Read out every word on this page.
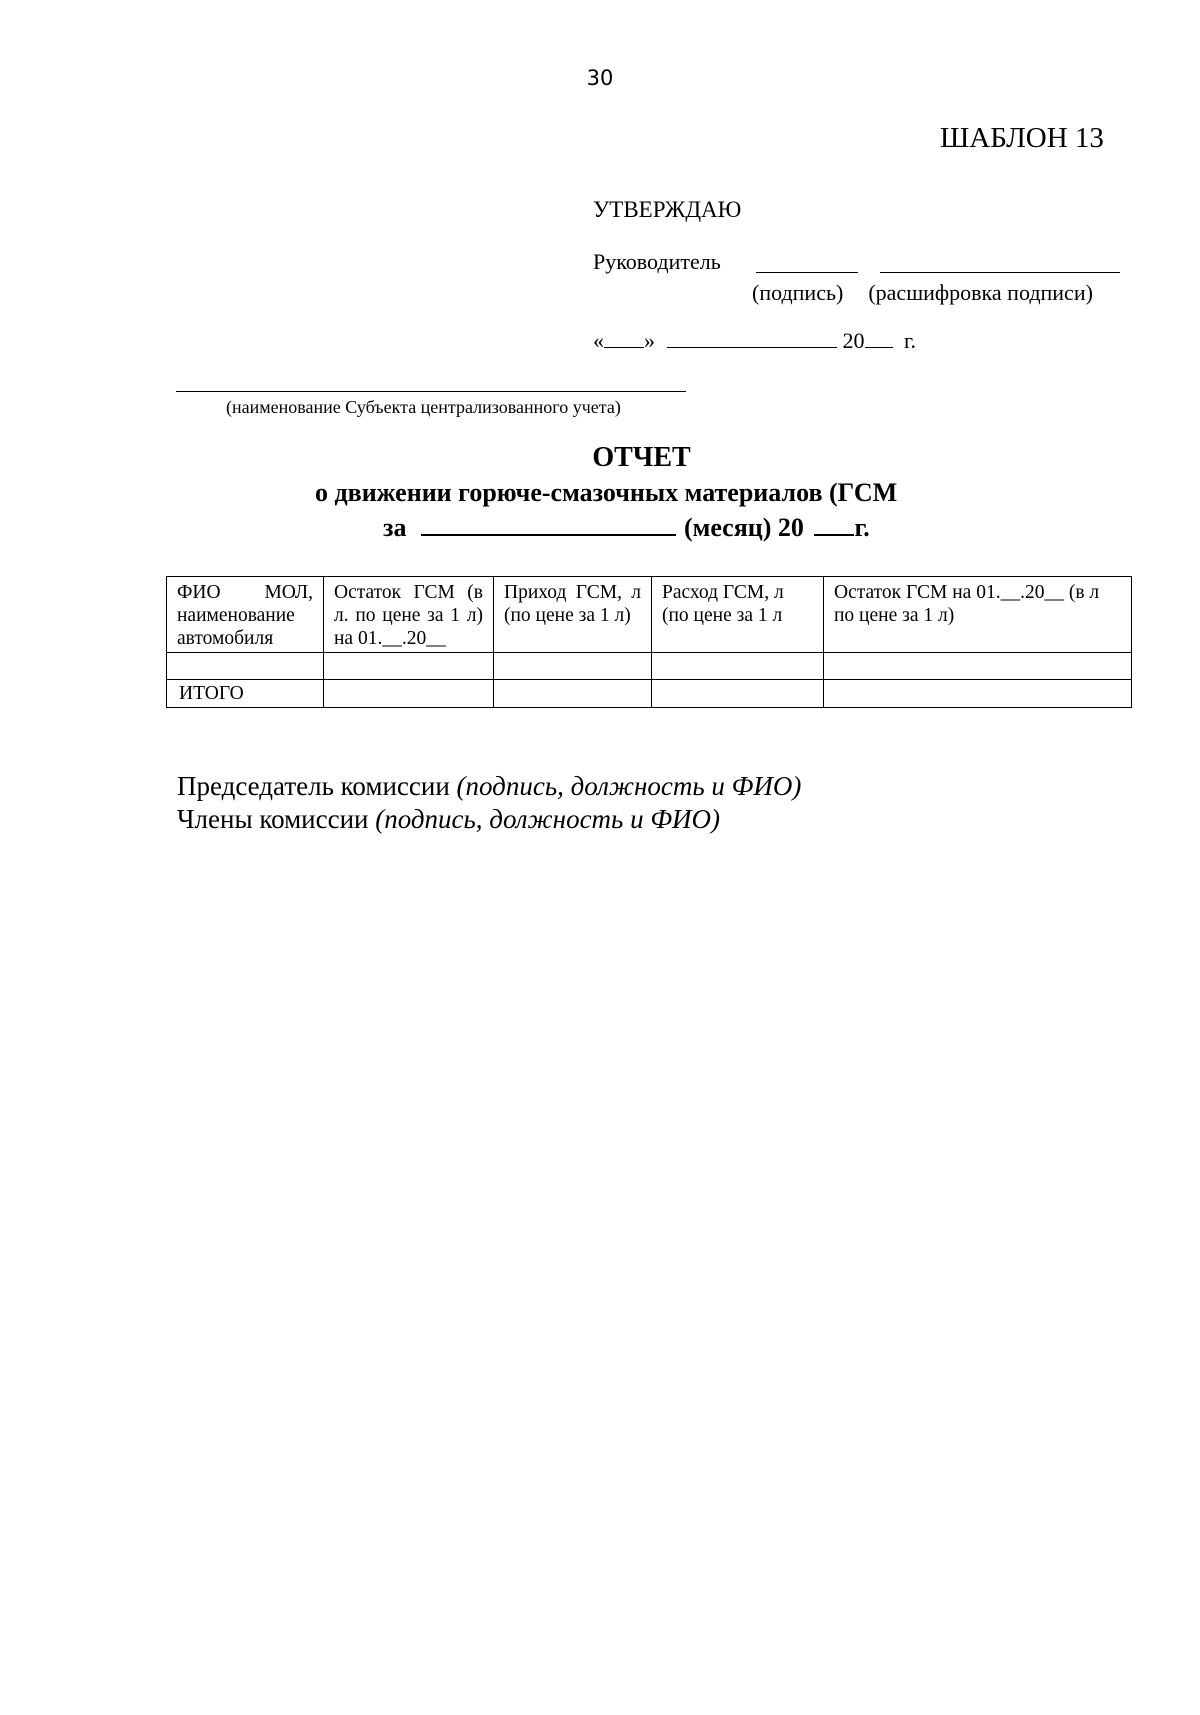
30
ШАБЛОН 13
УТВЕРЖДАЮ
Руководитель
(подпись) (расшифровка подписи)
« »	20 г.
(наименование Субъекта централизованного учета)
ОТЧЕТ
о движении горюче-смазочных материалов (ГСМ
за	(месяц) 20 г.
ФИО МОЛ, наименование автомобиля	Остаток ГСМ (в л. по цене за 1 л) на 01.__.20__	Приход ГСМ, л (по цене за 1 л)	Расход ГСМ, л (по цене за 1 л	Остаток ГСМ на 01.__.20__ (в л по цене за 1 л)

ИТОГО				
Председатель комиссии (подпись, должность и ФИО)
Члены комиссии (подпись, должность и ФИО)
